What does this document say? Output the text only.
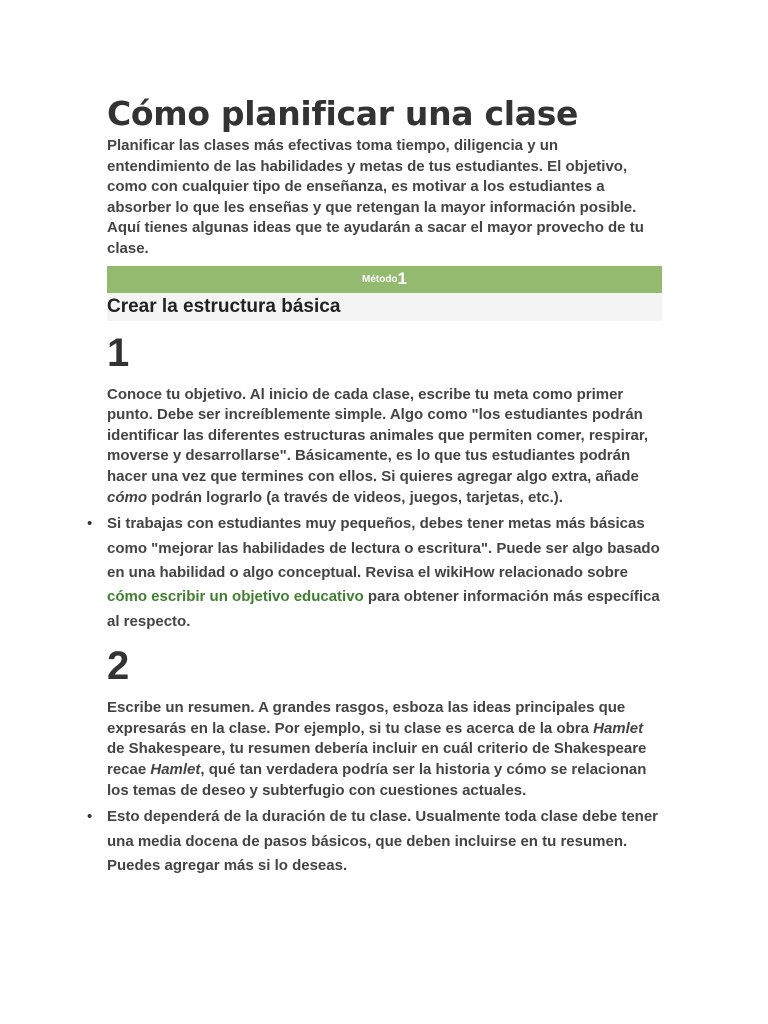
Cómo planificar una clase

Planificar las clases más efectivas toma tiempo, diligencia y un entendimiento de las habilidades y metas de tus estudiantes. El objetivo, como con cualquier tipo de enseñanza, es motivar a los estudiantes a absorber lo que les enseñas y que retengan la mayor información posible. Aquí tienes algunas ideas que te ayudarán a sacar el mayor provecho de tu clase.

Método 1
Crear la estructura básica
1

Conoce tu objetivo. Al inicio de cada clase, escribe tu meta como primer punto. Debe ser increíblemente simple. Algo como "los estudiantes podrán identificar las diferentes estructuras animales que permiten comer, respirar, moverse y desarrollarse". Básicamente, es lo que tus estudiantes podrán hacer una vez que termines con ellos. Si quieres agregar algo extra, añade cómo podrán lograrlo (a través de videos, juegos, tarjetas, etc.).

• Si trabajas con estudiantes muy pequeños, debes tener metas más básicas como "mejorar las habilidades de lectura o escritura". Puede ser algo basado en una habilidad o algo conceptual. Revisa el wikiHow relacionado sobre cómo escribir un objetivo educativo para obtener información más específica al respecto.

2

Escribe un resumen. A grandes rasgos, esboza las ideas principales que expresarás en la clase. Por ejemplo, si tu clase es acerca de la obra Hamlet de Shakespeare, tu resumen debería incluir en cuál criterio de Shakespeare recae Hamlet, qué tan verdadera podría ser la historia y cómo se relacionan los temas de deseo y subterfugio con cuestiones actuales.

• Esto dependerá de la duración de tu clase. Usualmente toda clase debe tener una media docena de pasos básicos, que deben incluirse en tu resumen. Puedes agregar más si lo deseas.
